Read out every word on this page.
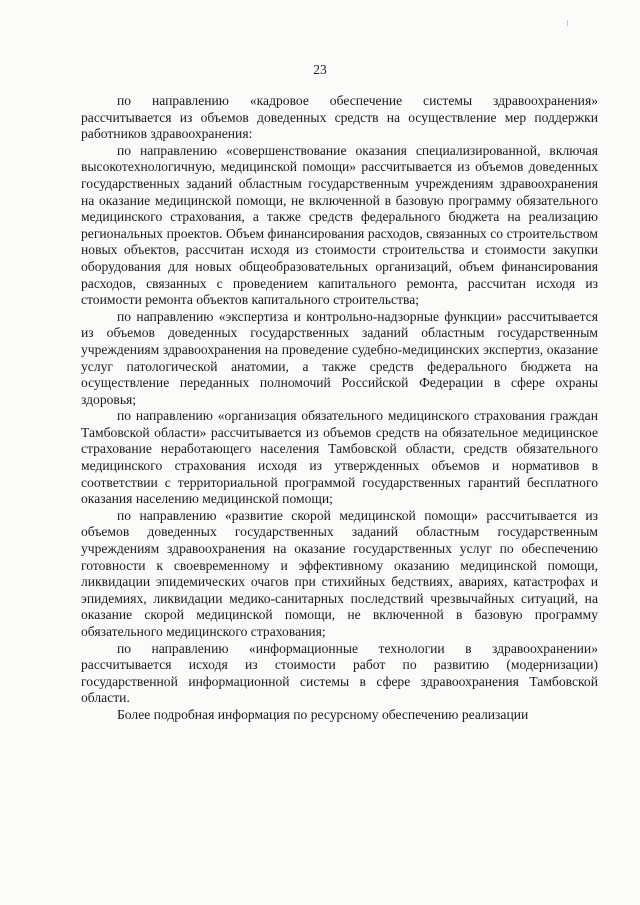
23

по направлению «кадровое обеспечение системы здравоохранения» рассчитывается из объемов доведенных средств на осуществление мер поддержки работников здравоохранения:

по направлению «совершенствование оказания специализированной, включая высокотехнологичную, медицинской помощи» рассчитывается из объемов доведенных государственных заданий областным государственным учреждениям здравоохранения на оказание медицинской помощи, не включенной в базовую программу обязательного медицинского страхования, а также средств федерального бюджета на реализацию региональных проектов. Объем финансирования расходов, связанных со строительством новых объектов, рассчитан исходя из стоимости строительства и стоимости закупки оборудования для новых общеобразовательных организаций, объем финансирования расходов, связанных с проведением капитального ремонта, рассчитан исходя из стоимости ремонта объектов капитального строительства;

по направлению «экспертиза и контрольно-надзорные функции» рассчитывается из объемов доведенных государственных заданий областным государственным учреждениям здравоохранения на проведение судебно-медицинских экспертиз, оказание услуг патологической анатомии, а также средств федерального бюджета на осуществление переданных полномочий Российской Федерации в сфере охраны здоровья;

по направлению «организация обязательного медицинского страхования граждан Тамбовской области» рассчитывается из объемов средств на обязательное медицинское страхование неработающего населения Тамбовской области, средств обязательного медицинского страхования исходя из утвержденных объемов и нормативов в соответствии с территориальной программой государственных гарантий бесплатного оказания населению медицинской помощи;

по направлению «развитие скорой медицинской помощи» рассчитывается из объемов доведенных государственных заданий областным государственным учреждениям здравоохранения на оказание государственных услуг по обеспечению готовности к своевременному и эффективному оказанию медицинской помощи, ликвидации эпидемических очагов при стихийных бедствиях, авариях, катастрофах и эпидемиях, ликвидации медико-санитарных последствий чрезвычайных ситуаций, на оказание скорой медицинской помощи, не включенной в базовую программу обязательного медицинского страхования;

по направлению «информационные технологии в здравоохранении» рассчитывается исходя из стоимости работ по развитию (модернизации) государственной информационной системы в сфере здравоохранения Тамбовской области.

Более подробная информация по ресурсному обеспечению реализации
